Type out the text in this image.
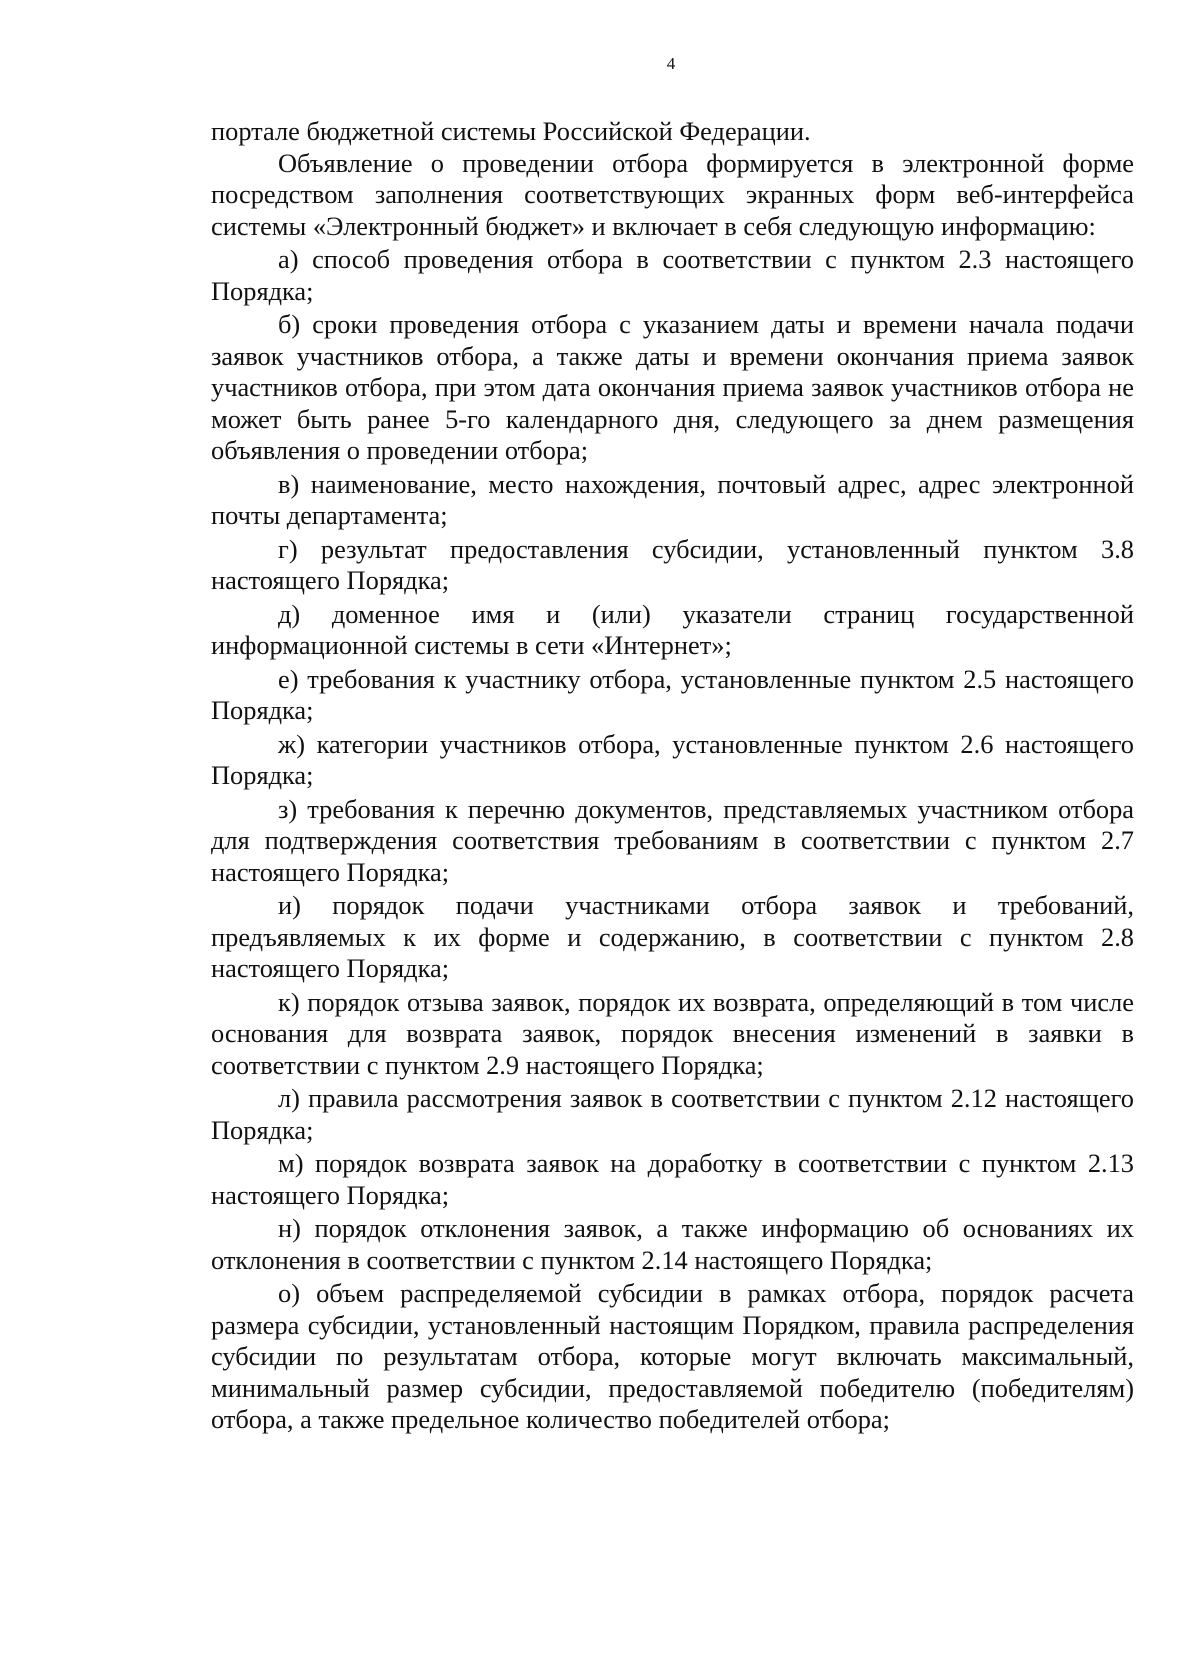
4

портале бюджетной системы Российской Федерации.

Объявление о проведении отбора формируется в электронной форме посредством заполнения соответствующих экранных форм веб-интерфейса системы «Электронный бюджет» и включает в себя следующую информацию:

а) способ проведения отбора в соответствии с пунктом 2.3 настоящего Порядка;

б) сроки проведения отбора с указанием даты и времени начала подачи заявок участников отбора, а также даты и времени окончания приема заявок участников отбора, при этом дата окончания приема заявок участников отбора не может быть ранее 5-го календарного дня, следующего за днем размещения объявления о проведении отбора;

в) наименование, место нахождения, почтовый адрес, адрес электронной почты департамента;

г) результат предоставления субсидии, установленный пунктом 3.8 настоящего Порядка;

д) доменное имя и (или) указатели страниц государственной информационной системы в сети «Интернет»;

е) требования к участнику отбора, установленные пунктом 2.5 настоящего Порядка;

ж) категории участников отбора, установленные пунктом 2.6 настоящего Порядка;

з) требования к перечню документов, представляемых участником отбора для подтверждения соответствия требованиям в соответствии с пунктом 2.7 настоящего Порядка;

и) порядок подачи участниками отбора заявок и требований, предъявляемых к их форме и содержанию, в соответствии с пунктом 2.8 настоящего Порядка;

к) порядок отзыва заявок, порядок их возврата, определяющий в том числе основания для возврата заявок, порядок внесения изменений в заявки в соответствии с пунктом 2.9 настоящего Порядка;

л) правила рассмотрения заявок в соответствии с пунктом 2.12 настоящего Порядка;

м) порядок возврата заявок на доработку в соответствии с пунктом 2.13 настоящего Порядка;

н) порядок отклонения заявок, а также информацию об основаниях их отклонения в соответствии с пунктом 2.14 настоящего Порядка;

о) объем распределяемой субсидии в рамках отбора, порядок расчета размера субсидии, установленный настоящим Порядком, правила распределения субсидии по результатам отбора, которые могут включать максимальный, минимальный размер субсидии, предоставляемой победителю (победителям) отбора, а также предельное количество победителей отбора;
